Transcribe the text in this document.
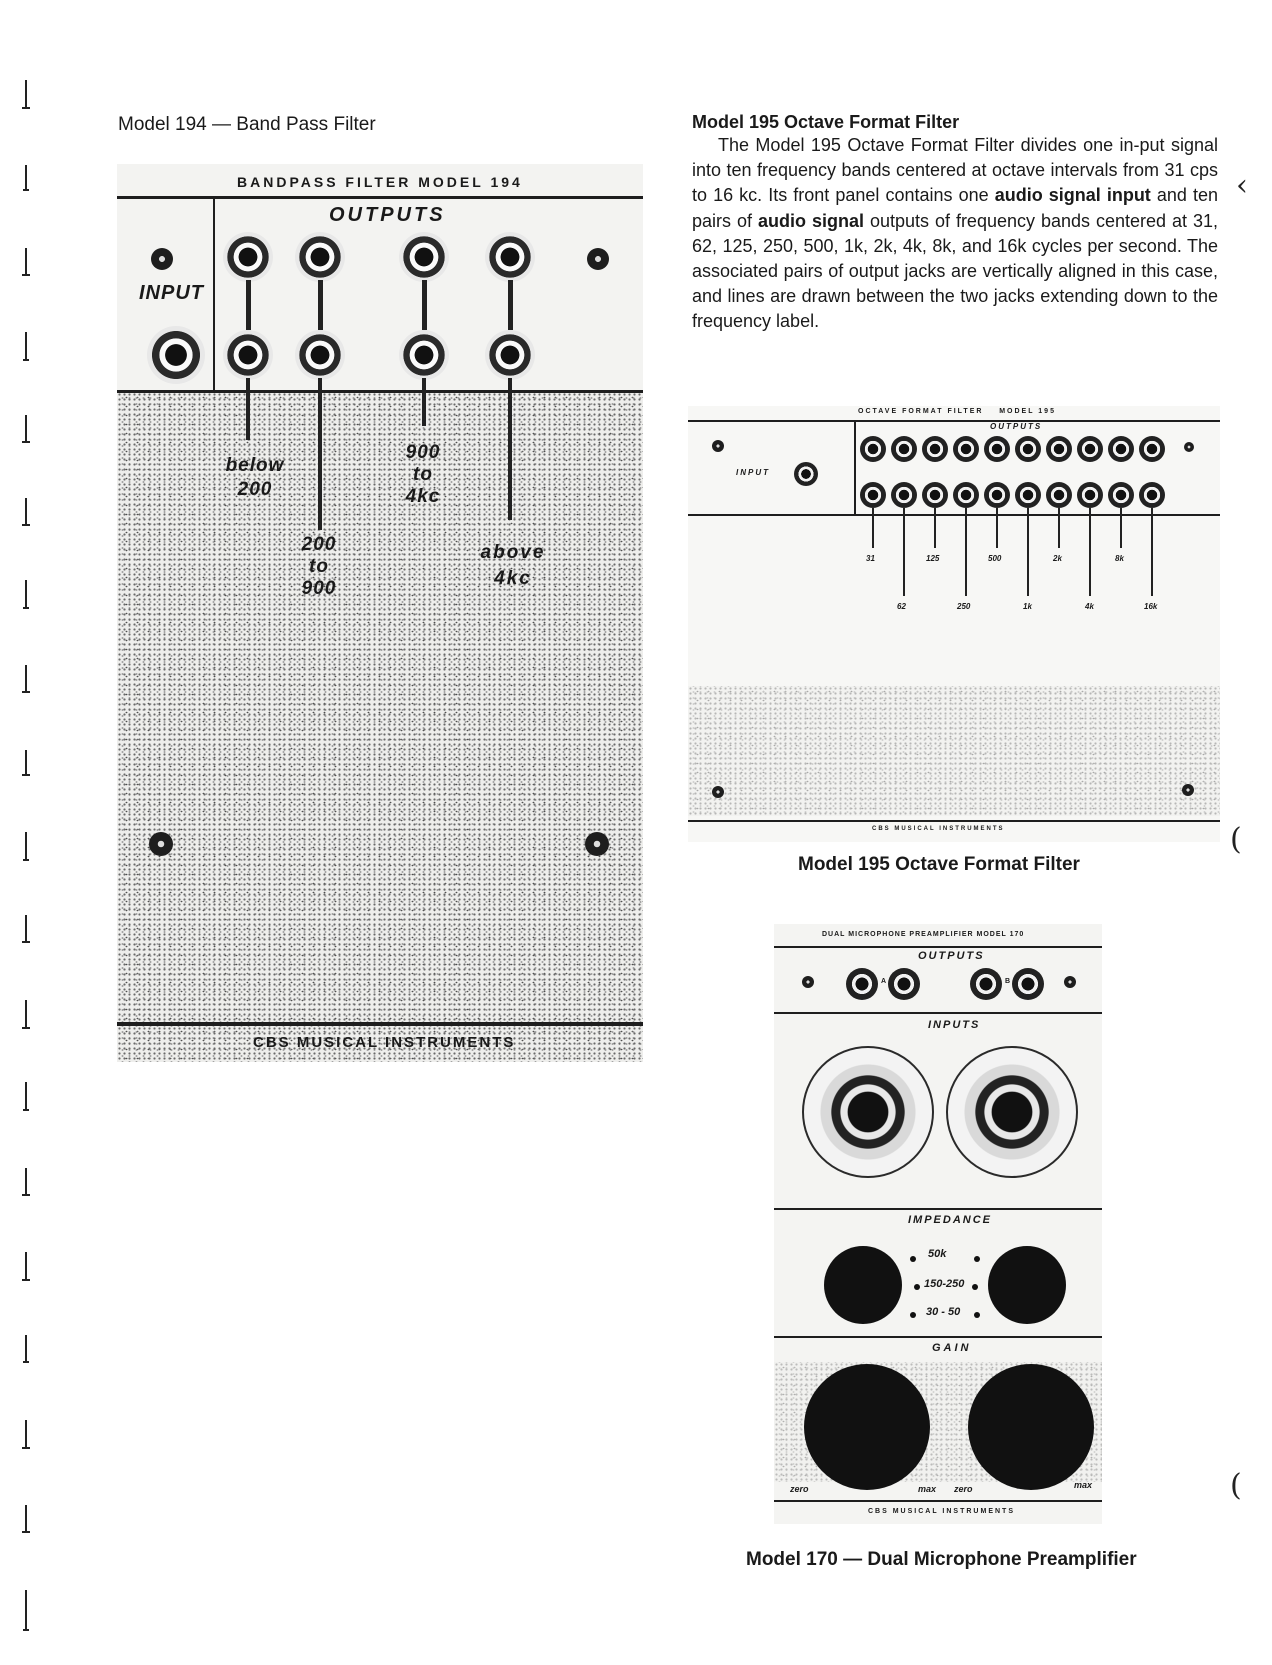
‹
(
(
Model 194 — Band Pass Filter
BANDPASS FILTER MODEL 194
OUTPUTS
INPUT
below
200
200
to
900
900
to
4kc
above
4kc
CBS MUSICAL INSTRUMENTS
Model 195 Octave Format Filter
The Model 195 Octave Format Filter divides one in-put signal into ten frequency bands centered at octave intervals from 31 cps to 16 kc. Its front panel contains one audio signal input and ten pairs of audio signal outputs of frequency bands centered at 31, 62, 125, 250, 500, 1k, 2k, 4k, 8k, and 16k cycles per second. The associated pairs of output jacks are vertically aligned in this case, and lines are drawn between the two jacks extending down to the frequency label.
OCTAVE FORMAT FILTER    MODEL 195
OUTPUTS
INPUT
31	125	500	2k	8k
62	250	1k	4k	16k
CBS MUSICAL INSTRUMENTS
Model 195 Octave Format Filter
DUAL MICROPHONE PREAMPLIFIER MODEL 170
OUTPUTS
A	B
INPUTS
IMPEDANCE
50k
150-250
30 - 50
GAIN
zero	max zero	max
CBS MUSICAL INSTRUMENTS
Model 170 — Dual Microphone Preamplifier
